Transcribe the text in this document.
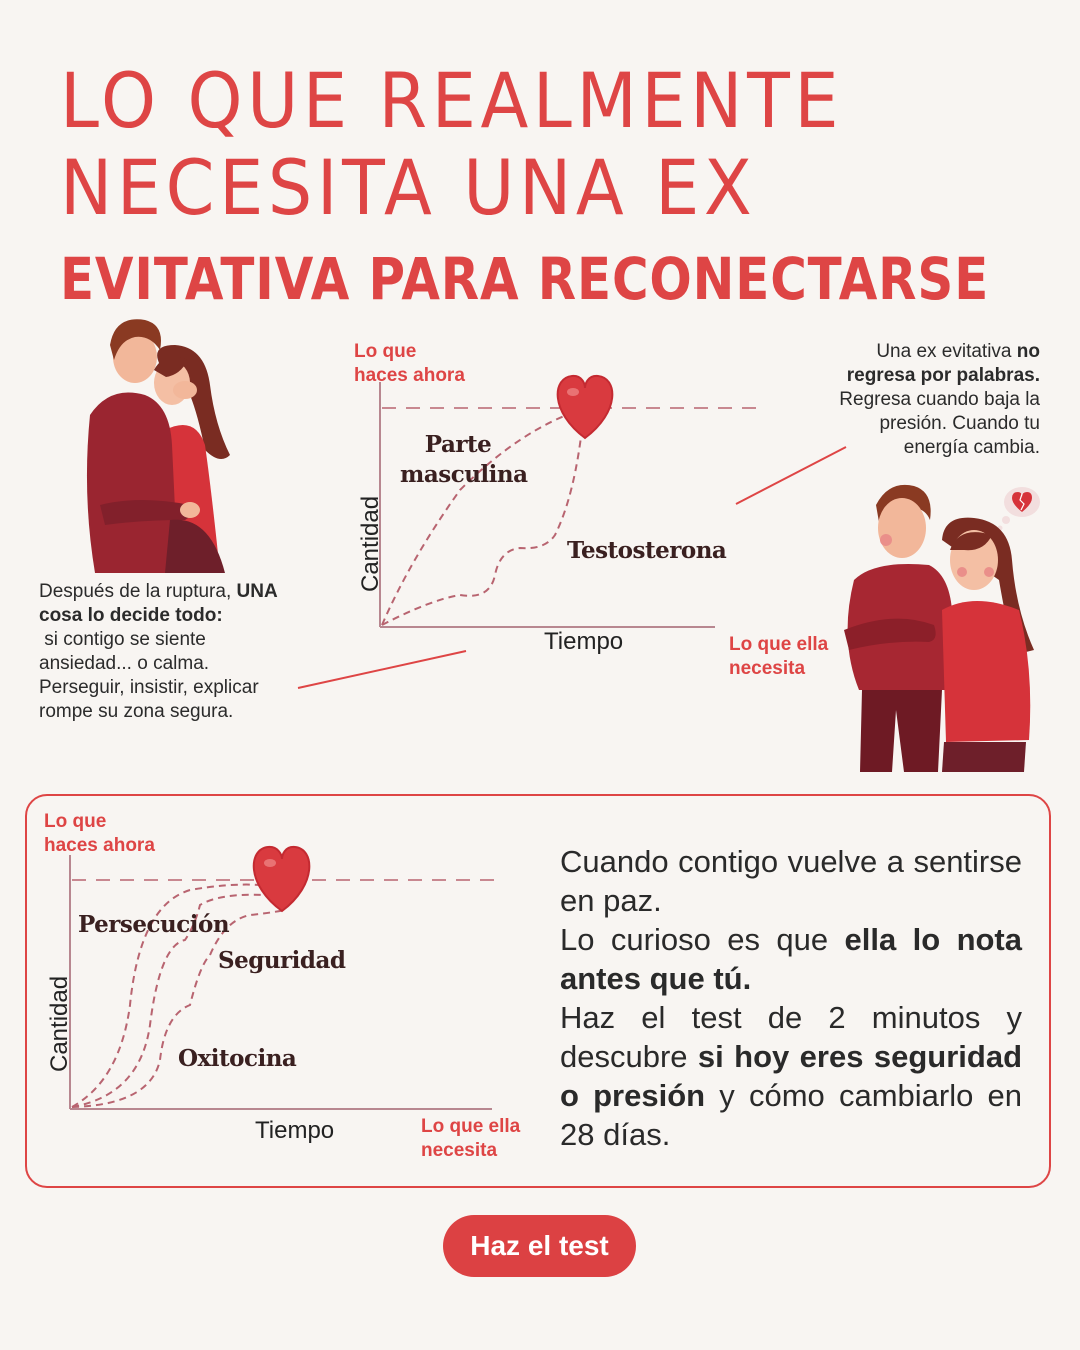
LO QUE REALMENTE
NECESITA UNA EX
EVITATIVA PARA RECONECTARSE
Lo que
haces ahora
Lo que ella
necesita
Tiempo
Cantidad
Parte
masculina
Testosterona
Después de la ruptura, UNA
cosa lo decide todo:
si contigo se siente
ansiedad... o calma.
Perseguir, insistir, explicar
rompe su zona segura.
Una ex evitativa no
regresa por palabras.
Regresa cuando baja la
presión. Cuando tu
energía cambia.
Lo que
haces ahora
Lo que ella
necesita
Tiempo
Cantidad
Persecución
Seguridad
Oxitocina
Cuando contigo vuelve a sentirse en paz.
Lo curioso es que ella lo nota antes que tú.
Haz el test de 2 minutos y descubre si hoy eres seguridad o presión y cómo cambiarlo en 28 días.
Haz el test
